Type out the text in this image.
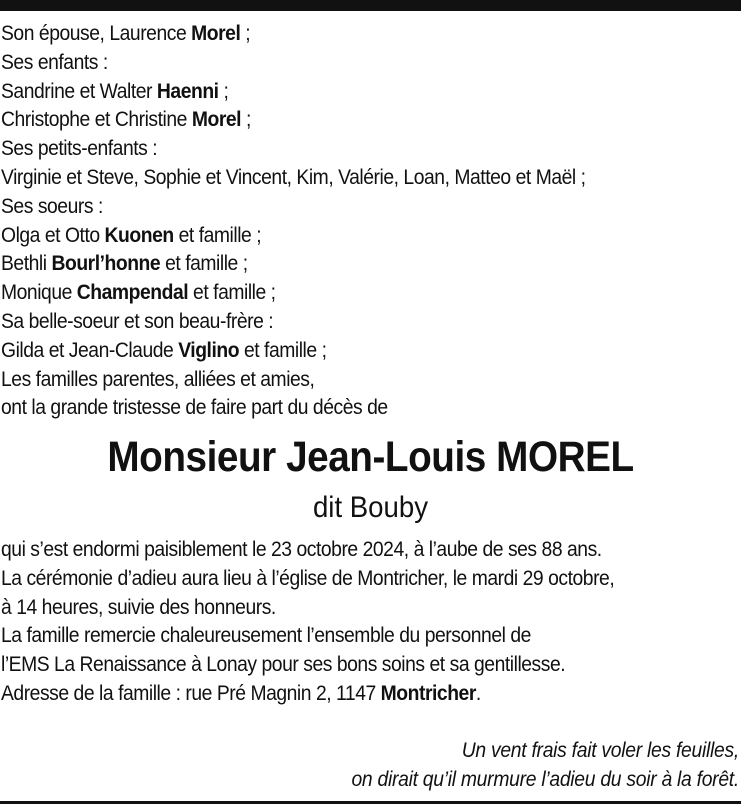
Son épouse, Laurence Morel ;
Ses enfants :
Sandrine et Walter Haenni ;
Christophe et Christine Morel ;
Ses petits-enfants :
Virginie et Steve, Sophie et Vincent, Kim, Valérie, Loan, Matteo et Maël ;
Ses soeurs :
Olga et Otto Kuonen et famille ;
Bethli Bourl’honne et famille ;
Monique Champendal et famille ;
Sa belle-soeur et son beau-frère :
Gilda et Jean-Claude Viglino et famille ;
Les familles parentes, alliées et amies,
ont la grande tristesse de faire part du décès de
Monsieur Jean-Louis MOREL
dit Bouby
qui s’est endormi paisiblement le 23 octobre 2024, à l’aube de ses 88 ans.
La cérémonie d’adieu aura lieu à l’église de Montricher, le mardi 29 octobre,
à 14 heures, suivie des honneurs.
La famille remercie chaleureusement l’ensemble du personnel de
l’EMS La Renaissance à Lonay pour ses bons soins et sa gentillesse.
Adresse de la famille : rue Pré Magnin 2, 1147 Montricher.
Un vent frais fait voler les feuilles,
on dirait qu’il murmure l’adieu du soir à la forêt.
